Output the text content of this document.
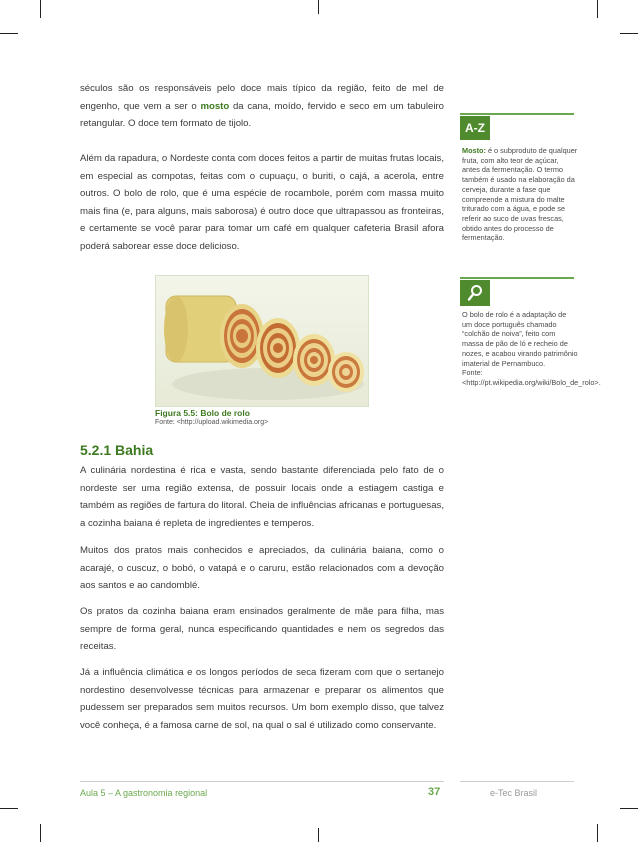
séculos são os responsáveis pelo doce mais típico da região, feito de mel de engenho, que vem a ser o mosto da cana, moído, fervido e seco em um tabuleiro retangular. O doce tem formato de tijolo.

Além da rapadura, o Nordeste conta com doces feitos a partir de muitas frutas locais, em especial as compotas, feitas com o cupuaçu, o buriti, o cajá, a acerola, entre outros. O bolo de rolo, que é uma espécie de rocambole, porém com massa muito mais fina (e, para alguns, mais saborosa) é outro doce que ultrapassou as fronteiras, e certamente se você parar para tomar um café em qualquer cafeteria Brasil afora poderá saborear esse doce delicioso.

A-Z

Mosto: é o subproduto de qualquer fruta, com alto teor de açúcar, antes da fermentação. O termo também é usado na elaboração da cerveja, durante a fase que compreende a mistura do malte triturado com a água, e pode se referir ao suco de uvas frescas, obtido antes do processo de fermentação.

O bolo de rolo é a adaptação de um doce português chamado “colchão de noiva”, feito com massa de pão de ló e recheio de nozes, e acabou virando patrimônio imaterial de Pernambuco.
Fonte: <http://pt.wikipedia.org/wiki/Bolo_de_rolo>.

Figura 5.5: Bolo de rolo
Fonte: <http://upload.wikimedia.org>
5.2.1 Bahia

A culinária nordestina é rica e vasta, sendo bastante diferenciada pelo fato de o nordeste ser uma região extensa, de possuir locais onde a estiagem castiga e também as regiões de fartura do litoral. Cheia de influências africanas e portuguesas, a cozinha baiana é repleta de ingredientes e temperos.

Muitos dos pratos mais conhecidos e apreciados, da culinária baiana, como o acarajé, o cuscuz, o bobó, o vatapá e o caruru, estão relacionados com a devoção aos santos e ao candomblé.

Os pratos da cozinha baiana eram ensinados geralmente de mãe para filha, mas sempre de forma geral, nunca especificando quantidades e nem os segredos das receitas.

Já a influência climática e os longos períodos de seca fizeram com que o sertanejo nordestino desenvolvesse técnicas para armazenar e preparar os alimentos que pudessem ser preparados sem muitos recursos. Um bom exemplo disso, que talvez você conheça, é a famosa carne de sol, na qual o sal é utilizado como conservante.

Aula 5 – A gastronomia regional	37	e-Tec Brasil
